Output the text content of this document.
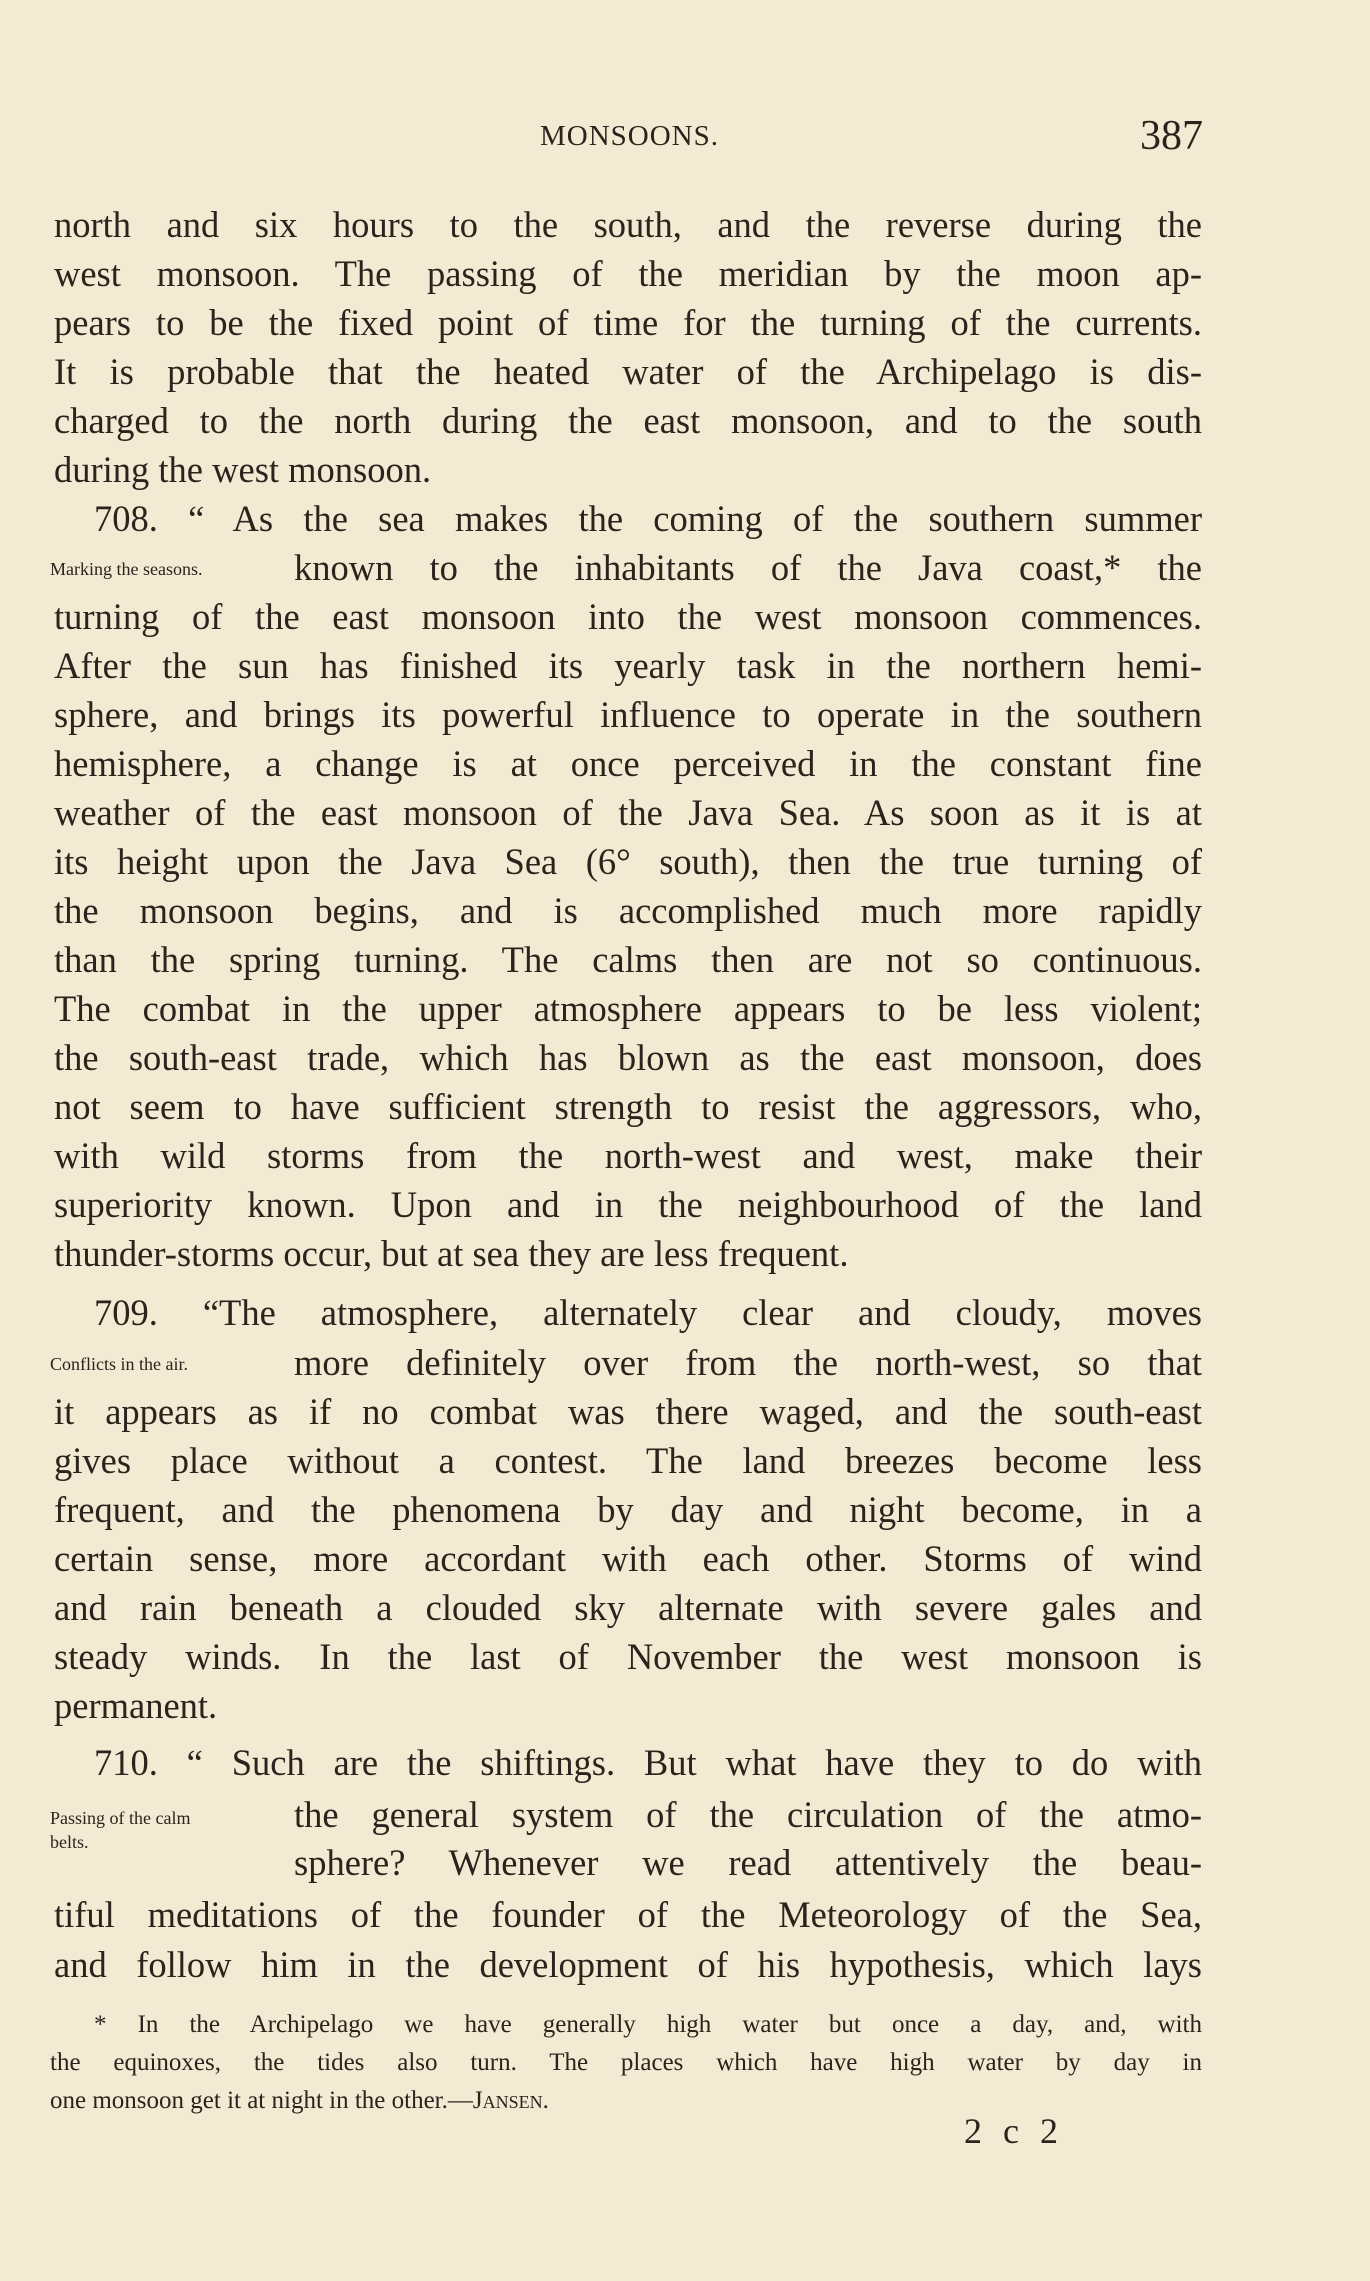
MONSOONS.	387
north and six hours to the south, and the reverse during the
west monsoon. The passing of the meridian by the moon ap-
pears to be the fixed point of time for the turning of the currents.
It is probable that the heated water of the Archipelago is dis-
charged to the north during the east monsoon, and to the south
during the west monsoon.
708. “ As the sea makes the coming of the southern summer
Marking the seasons.	known to the inhabitants of the Java coast,* the
turning of the east monsoon into the west monsoon commences.
After the sun has finished its yearly task in the northern hemi-
sphere, and brings its powerful influence to operate in the southern
hemisphere, a change is at once perceived in the constant fine
weather of the east monsoon of the Java Sea. As soon as it is at
its height upon the Java Sea (6° south), then the true turning of
the monsoon begins, and is accomplished much more rapidly
than the spring turning. The calms then are not so continuous.
The combat in the upper atmosphere appears to be less violent;
the south-east trade, which has blown as the east monsoon, does
not seem to have sufficient strength to resist the aggressors, who,
with wild storms from the north-west and west, make their
superiority known. Upon and in the neighbourhood of the land
thunder-storms occur, but at sea they are less frequent.
709. “The atmosphere, alternately clear and cloudy, moves
Conflicts in the air.	more definitely over from the north-west, so that
it appears as if no combat was there waged, and the south-east
gives place without a contest. The land breezes become less
frequent, and the phenomena by day and night become, in a
certain sense, more accordant with each other. Storms of wind
and rain beneath a clouded sky alternate with severe gales and
steady winds. In the last of November the west monsoon is
permanent.
710. “ Such are the shiftings. But what have they to do with
Passing of the calm
belts.
the general system of the circulation of the atmo-
sphere? Whenever we read attentively the beau-
tiful meditations of the founder of the Meteorology of the Sea,
and follow him in the development of his hypothesis, which lays
* In the Archipelago we have generally high water but once a day, and, with
the equinoxes, the tides also turn. The places which have high water by day in
one monsoon get it at night in the other.—Jansen.
2 c 2
